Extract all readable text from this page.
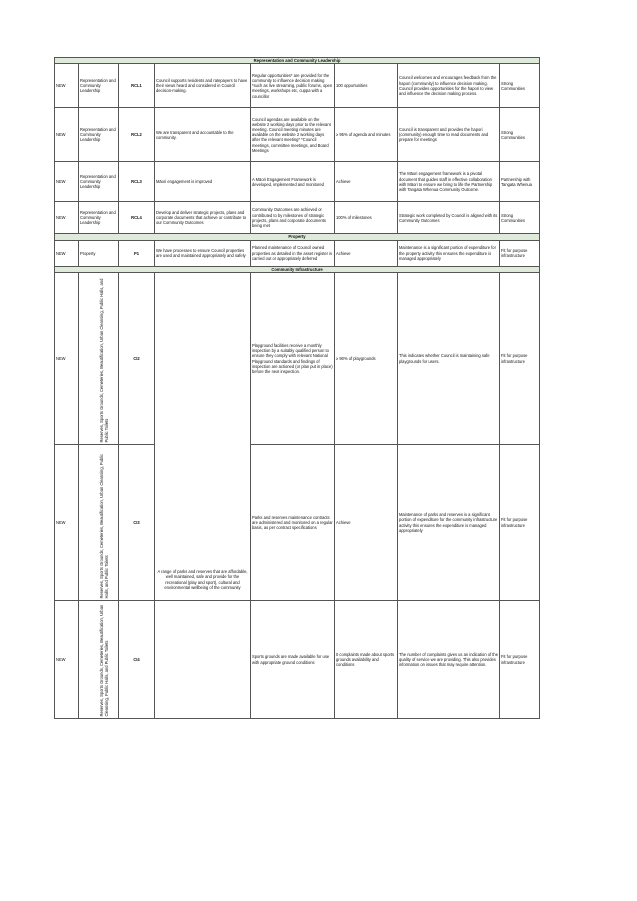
Representation and Community Leadership							
NEW	Representation and Community Leadership	RCL1	Council supports residents and ratepayers to have their views heard and considered in Council decision-making.	Regular opportunities* are provided for the community to influence decision making *such as live streaming, public forums, open meetings, workshops etc, cuppa with a councillor	100 opportunities	Council welcomes and encourages feedback from the hapori (community) to influence decision making. Council provides opportunities for the hapori to view and influence the decision making process.	Strong Communities
NEW	Representation and Community Leadership	RCL2	We are transparent and accountable to the community.	Council agendas are available on the website 2 working days prior to the relevant meeting. Council meeting minutes are available on the website 2 working days after the relevant meeting* *Council meetings, committee meetings, and Board Meetings	≥ 95% of agenda and minutes	Council is transparent and provides the hapori (community) enough time to read documents and prepare for meetings	Strong Communities
NEW	Representation and Community Leadership	RCL3	Māori engagement is improved	A Māori Engagement Framework is developed, implemented and monitored	Achieve	The Māori engagement framework is a pivotal document that guides staff in effective collaboration with Māori to ensure we bring to life the Partnership with Tangata Whenua Community Outcome.	Partnership with Tangata Whenua
NEW	Representation and Community Leadership	RCL4	Develop and deliver strategic projects, plans and corporate documents that achieve or contribute to our Community Outcomes	Community Outcomes are achieved or contributed to by milestones of strategic projects, plans and corporate documents being met	100% of milestones	Strategic work completed by Council is aligned with its Community Outcomes	Strong Communities
Property							
NEW	Property	P1	We have processes to ensure Council properties are used and maintained appropriately and safely	Planned maintenance of Council owned properties as detailed in the asset register is carried out or appropriately deferred	Achieve	Maintenance is a significant portion of expenditure for the property activity this ensures the expenditure is managed appropriately	Fit for purpose infrastructure
Community Infrastructure							
NEW	Reserves, Sports Grounds, Cemeteries, Beautification, Urban Cleansing, Public Halls, and Public Toilets	CI2	A range of parks and reserves that are affordable, well maintained, safe and provide for the recreational (play and sport), cultural and environmental wellbeing of the community	Playground facilities receive a monthly inspection by a suitably qualified person to ensure they comply with relevant National Playground standards and findings of inspection are actioned (or plan put in place) before the next inspection.	≥ 90% of playgrounds	This indicates whether Council is maintaining safe playgrounds for users.	Fit for purpose infrastructure
NEW	Reserves, Sports Grounds, Cemeteries, Beautification, Urban Cleansing, Public Halls, and Public Toilets	CI3		Parks and reserves maintenance contracts are administered and monitored on a regular basis, as per contract specifications	Achieve	Maintenance of parks and reserves is a significant portion of expenditure for the community infrastructure activity this ensures the expenditure is managed appropriately	Fit for purpose infrastructure
NEW	Reserves, Sports Grounds, Cemeteries, Beautification, Urban Cleansing, Public Halls, and Public Toilets	CI4		Sports grounds are made available for use with appropriate ground conditions	0 complaints made about sports grounds availability and conditions	The number of complaints gives us an indication of the quality of service we are providing. This also provides information on issues that may require attention.	Fit for purpose infrastructure
